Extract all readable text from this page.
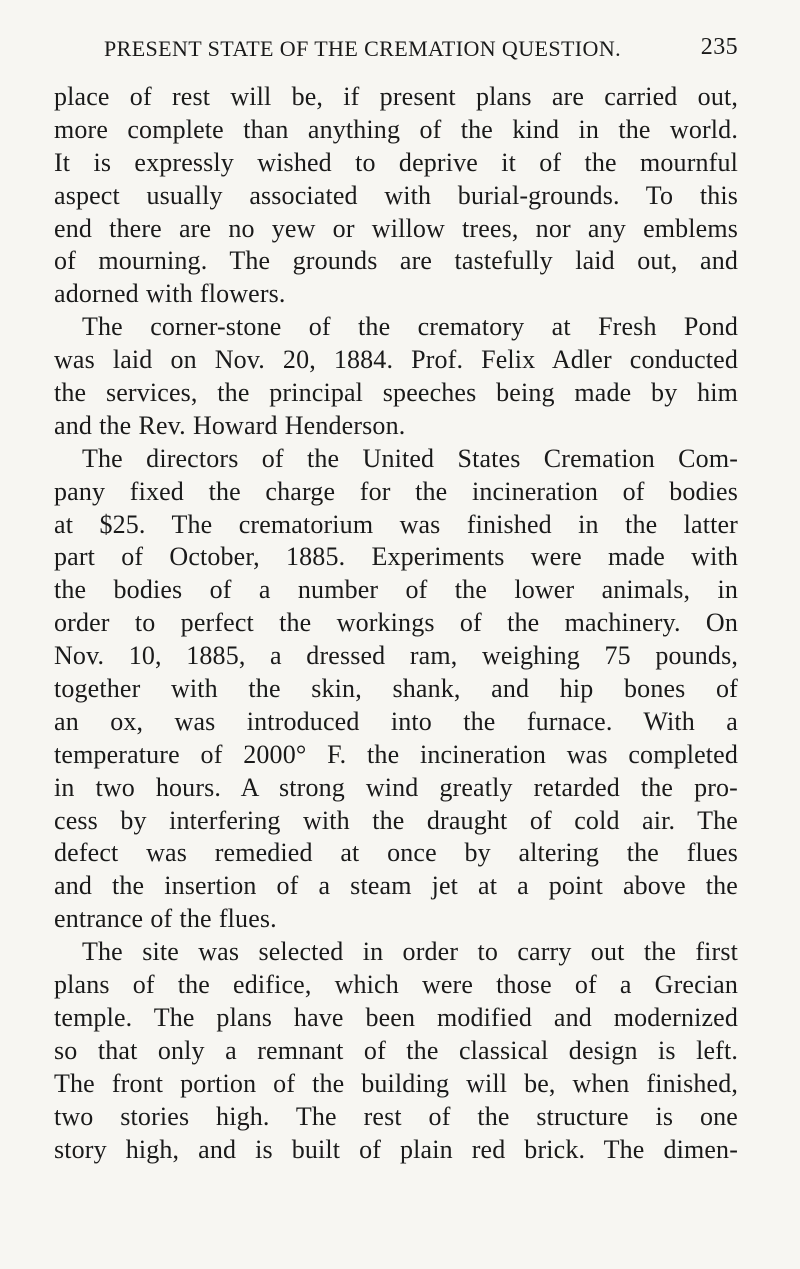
PRESENT STATE OF THE CREMATION QUESTION.	235
place of rest will be, if present plans are carried out,
more complete than anything of the kind in the world.
It is expressly wished to deprive it of the mournful
aspect usually associated with burial-grounds. To this
end there are no yew or willow trees, nor any emblems
of mourning. The grounds are tastefully laid out, and
adorned with flowers.
The corner-stone of the crematory at Fresh Pond
was laid on Nov. 20, 1884. Prof. Felix Adler conducted
the services, the principal speeches being made by him
and the Rev. Howard Henderson.
The directors of the United States Cremation Com-
pany fixed the charge for the incineration of bodies
at $25. The crematorium was finished in the latter
part of October, 1885. Experiments were made with
the bodies of a number of the lower animals, in
order to perfect the workings of the machinery. On
Nov. 10, 1885, a dressed ram, weighing 75 pounds,
together with the skin, shank, and hip bones of
an ox, was introduced into the furnace. With a
temperature of 2000° F. the incineration was completed
in two hours. A strong wind greatly retarded the pro-
cess by interfering with the draught of cold air. The
defect was remedied at once by altering the flues
and the insertion of a steam jet at a point above the
entrance of the flues.
The site was selected in order to carry out the first
plans of the edifice, which were those of a Grecian
temple. The plans have been modified and modernized
so that only a remnant of the classical design is left.
The front portion of the building will be, when finished,
two stories high. The rest of the structure is one
story high, and is built of plain red brick. The dimen-
